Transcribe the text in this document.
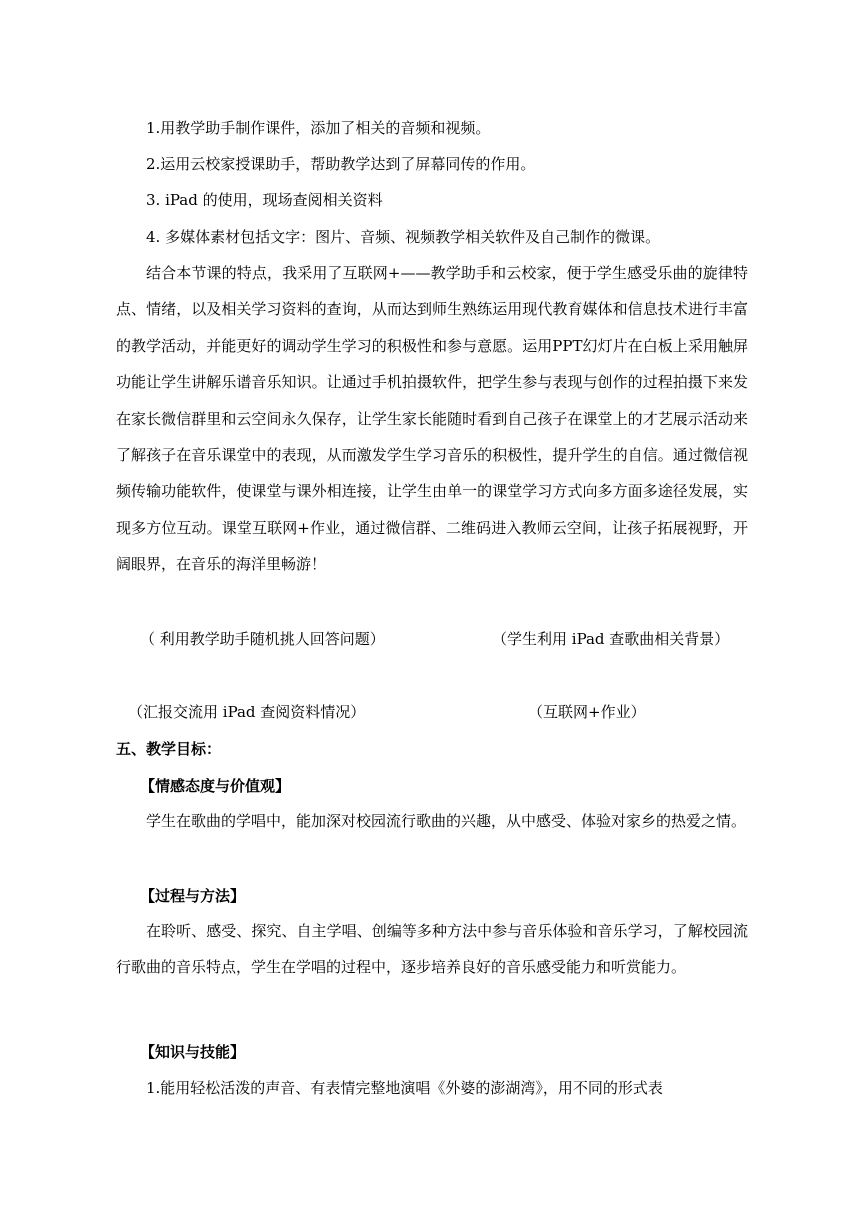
1.用教学助手制作课件，添加了相关的音频和视频。
2.运用云校家授课助手，帮助教学达到了屏幕同传的作用。
3. iPad 的使用，现场查阅相关资料
4. 多媒体素材包括文字：图片、音频、视频教学相关软件及自己制作的微课。
结合本节课的特点，我采用了互联网+——教学助手和云校家，便于学生感受乐曲的旋律特点、情绪，以及相关学习资料的查询，从而达到师生熟练运用现代教育媒体和信息技术进行丰富的教学活动，并能更好的调动学生学习的积极性和参与意愿。运用PPT幻灯片在白板上采用触屏功能让学生讲解乐谱音乐知识。让通过手机拍摄软件，把学生参与表现与创作的过程拍摄下来发在家长微信群里和云空间永久保存，让学生家长能随时看到自己孩子在课堂上的才艺展示活动来了解孩子在音乐课堂中的表现，从而激发学生学习音乐的积极性，提升学生的自信。通过微信视频传输功能软件，使课堂与课外相连接，让学生由单一的课堂学习方式向多方面多途径发展，实现多方位互动。课堂互联网+作业，通过微信群、二维码进入教师云空间，让孩子拓展视野，开阔眼界，在音乐的海洋里畅游！
（ 利用教学助手随机挑人回答问题）	（学生利用 iPad 查歌曲相关背景）
（汇报交流用 iPad 查阅资料情况）	（互联网+作业）
五、教学目标：
【情感态度与价值观】
学生在歌曲的学唱中，能加深对校园流行歌曲的兴趣，从中感受、体验对家乡的热爱之情。
【过程与方法】
在聆听、感受、探究、自主学唱、创编等多种方法中参与音乐体验和音乐学习，了解校园流行歌曲的音乐特点，学生在学唱的过程中，逐步培养良好的音乐感受能力和听赏能力。
【知识与技能】
1.能用轻松活泼的声音、有表情完整地演唱《外婆的澎湖湾》，用不同的形式表
